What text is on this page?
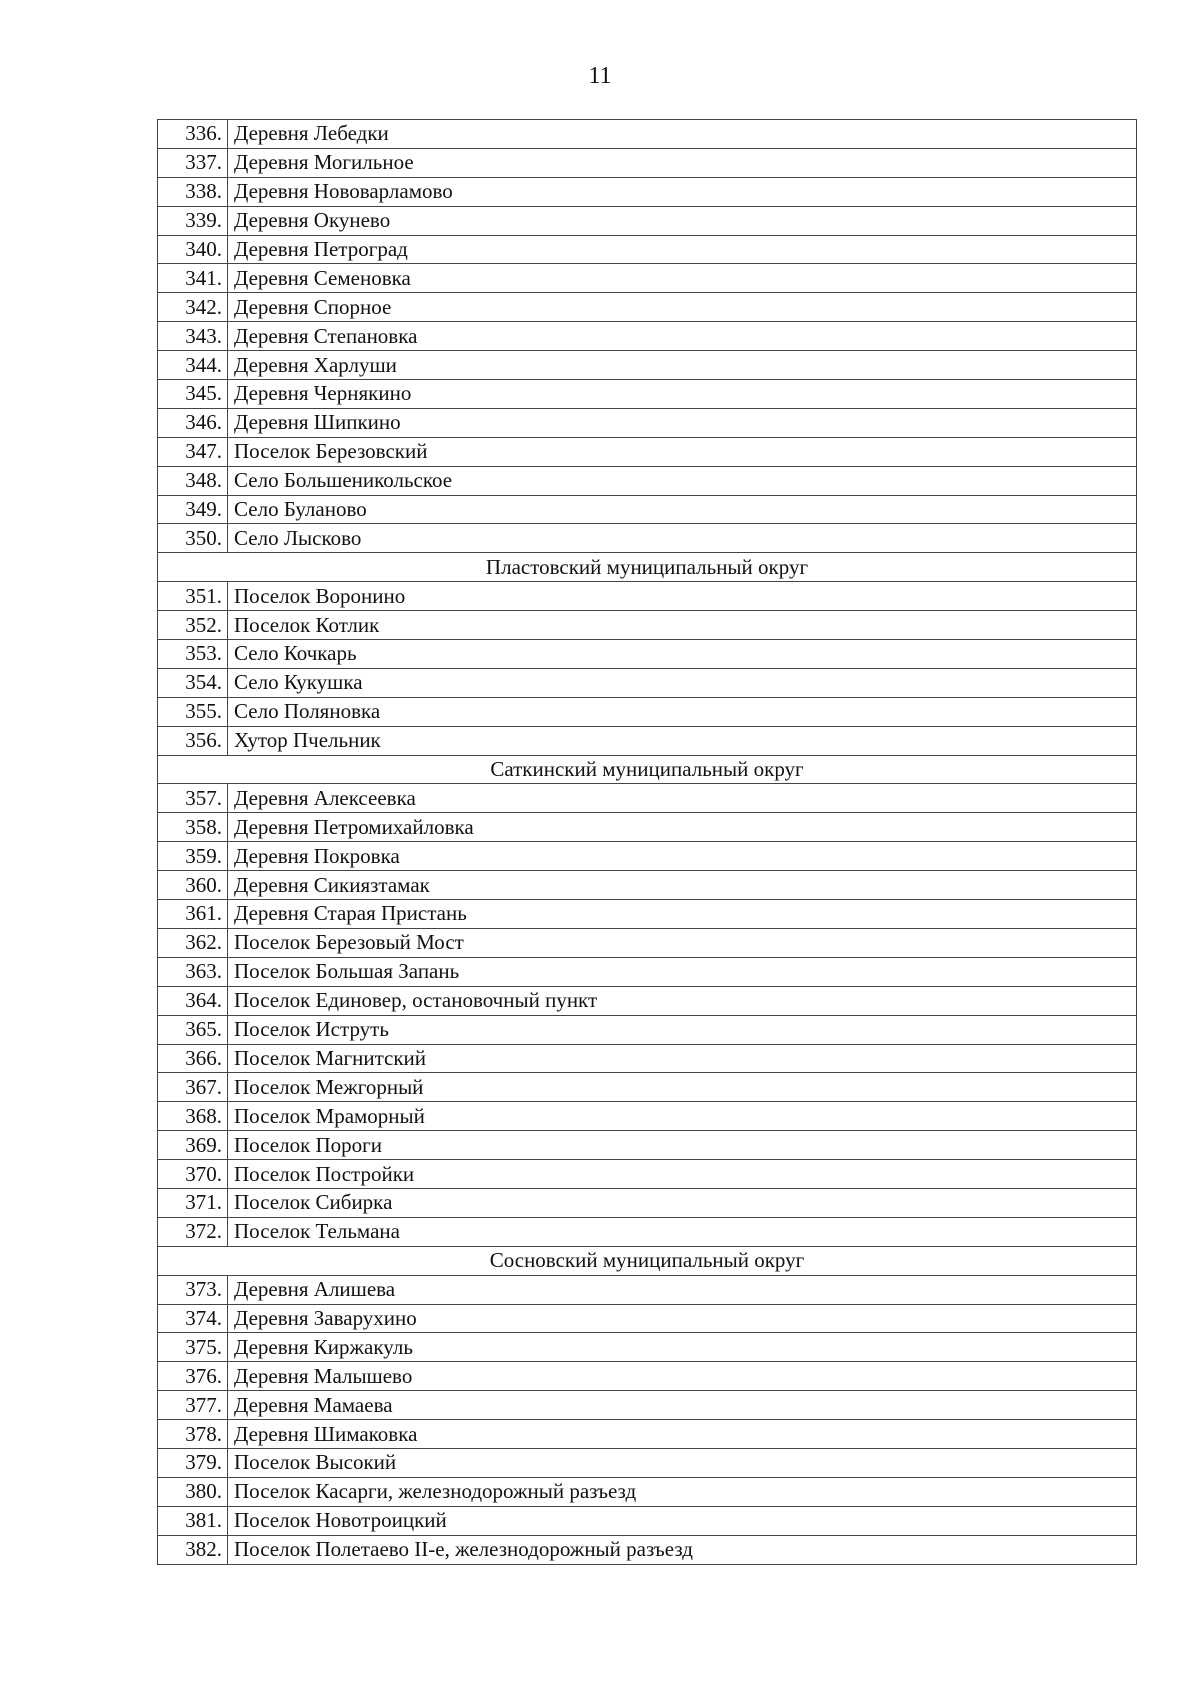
11
336.	Деревня Лебедки
337.	Деревня Могильное
338.	Деревня Нововарламово
339.	Деревня Окунево
340.	Деревня Петроград
341.	Деревня Семеновка
342.	Деревня Спорное
343.	Деревня Степановка
344.	Деревня Харлуши
345.	Деревня Чернякино
346.	Деревня Шипкино
347.	Поселок Березовский
348.	Село Большеникольское
349.	Село Буланово
350.	Село Лысково
Пластовский муниципальный округ	
351.	Поселок Воронино
352.	Поселок Котлик
353.	Село Кочкарь
354.	Село Кукушка
355.	Село Поляновка
356.	Хутор Пчельник
Саткинский муниципальный округ	
357.	Деревня Алексеевка
358.	Деревня Петромихайловка
359.	Деревня Покровка
360.	Деревня Сикиязтамак
361.	Деревня Старая Пристань
362.	Поселок Березовый Мост
363.	Поселок Большая Запань
364.	Поселок Единовер, остановочный пункт
365.	Поселок Иструть
366.	Поселок Магнитский
367.	Поселок Межгорный
368.	Поселок Мраморный
369.	Поселок Пороги
370.	Поселок Постройки
371.	Поселок Сибирка
372.	Поселок Тельмана
Сосновский муниципальный округ	
373.	Деревня Алишева
374.	Деревня Заварухино
375.	Деревня Киржакуль
376.	Деревня Малышево
377.	Деревня Мамаева
378.	Деревня Шимаковка
379.	Поселок Высокий
380.	Поселок Касарги, железнодорожный разъезд
381.	Поселок Новотроицкий
382.	Поселок Полетаево II-е, железнодорожный разъезд
